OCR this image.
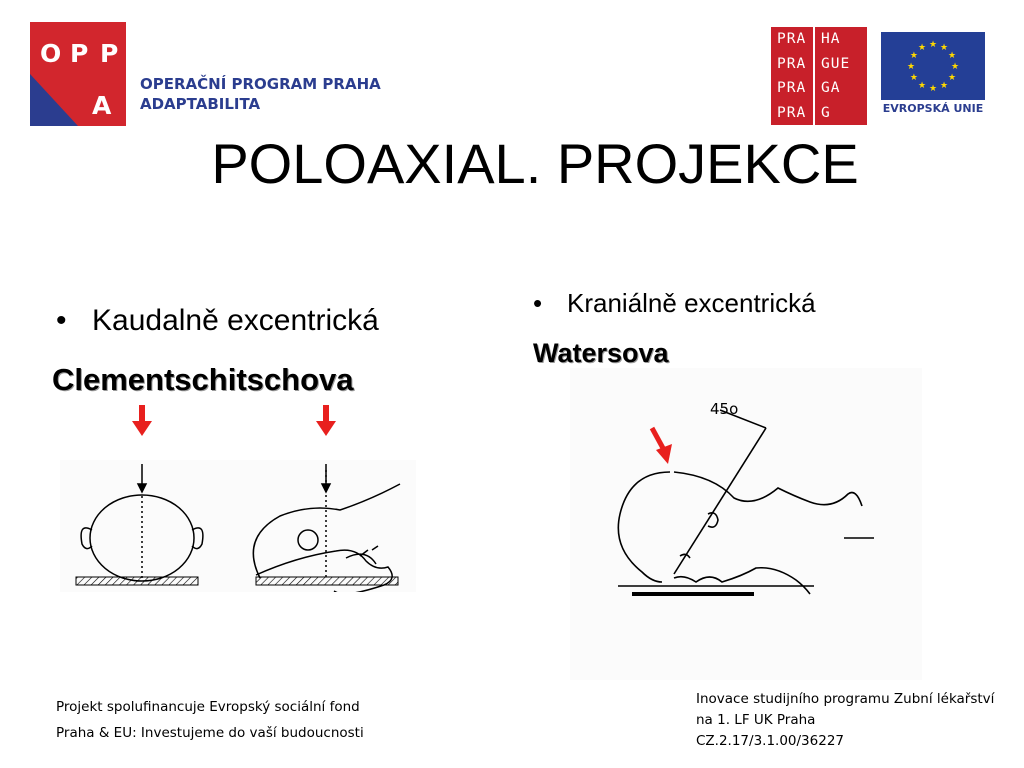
O P P
A
OPERAČNÍ PROGRAM PRAHA
ADAPTABILITA
PRA	HA
PRA	GUE
PRA	GA
PRA	G
★ ★
★
★
★
★
★
★
★
★
★
★
EVROPSKÁ UNIE
POLOAXIAL. PROJEKCE
• Kaudalně excentrická
Clementschitschova
• Kraniálně excentrická
Watersova
45o
Projekt spolufinancuje Evropský sociální fond
Praha & EU: Investujeme do vaší budoucnosti
Inovace studijního programu Zubní lékařství
na 1. LF UK Praha
CZ.2.17/3.1.00/36227
